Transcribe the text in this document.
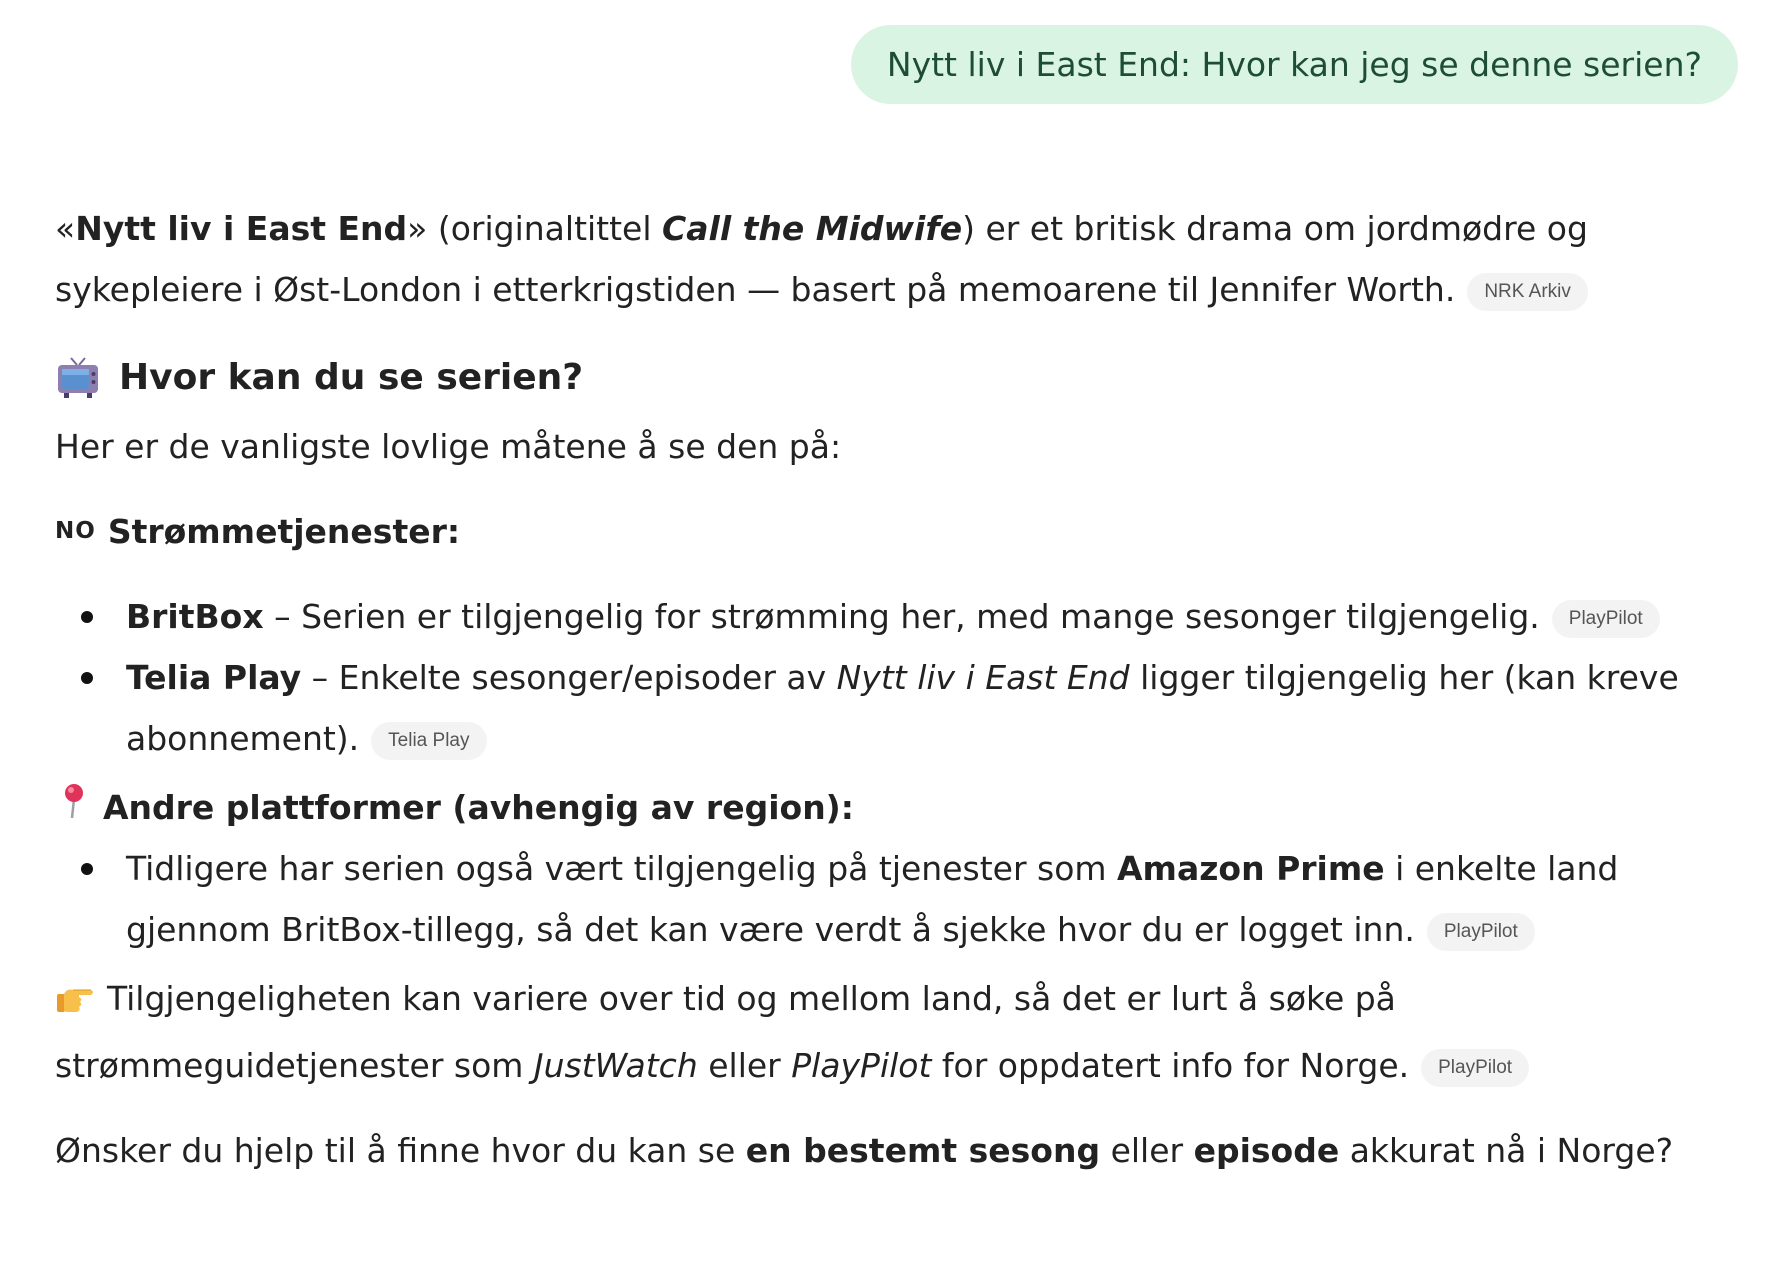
Nytt liv i East End: Hvor kan jeg se denne serien?

«Nytt liv i East End» (originaltittel Call the Midwife) er et britisk drama om jordmødre og sykepleiere i Øst-London i etterkrigstiden — basert på memoarene til Jennifer Worth. NRK Arkiv

Hvor kan du se serien?

Her er de vanligste lovlige måtene å se den på:

NO Strømmetjenester:
BritBox – Serien er tilgjengelig for strømming her, med mange sesonger tilgjengelig. PlayPilot
Telia Play – Enkelte sesonger/episoder av Nytt liv i East End ligger tilgjengelig her (kan kreve abonnement). Telia Play
Andre plattformer (avhengig av region):
Tidligere har serien også vært tilgjengelig på tjenester som Amazon Prime i enkelte land gjennom BritBox-tillegg, så det kan være verdt å sjekke hvor du er logget inn. PlayPilot

Tilgjengeligheten kan variere over tid og mellom land, så det er lurt å søke på strømmeguidetjenester som JustWatch eller PlayPilot for oppdatert info for Norge. PlayPilot

Ønsker du hjelp til å finne hvor du kan se en bestemt sesong eller episode akkurat nå i Norge?
